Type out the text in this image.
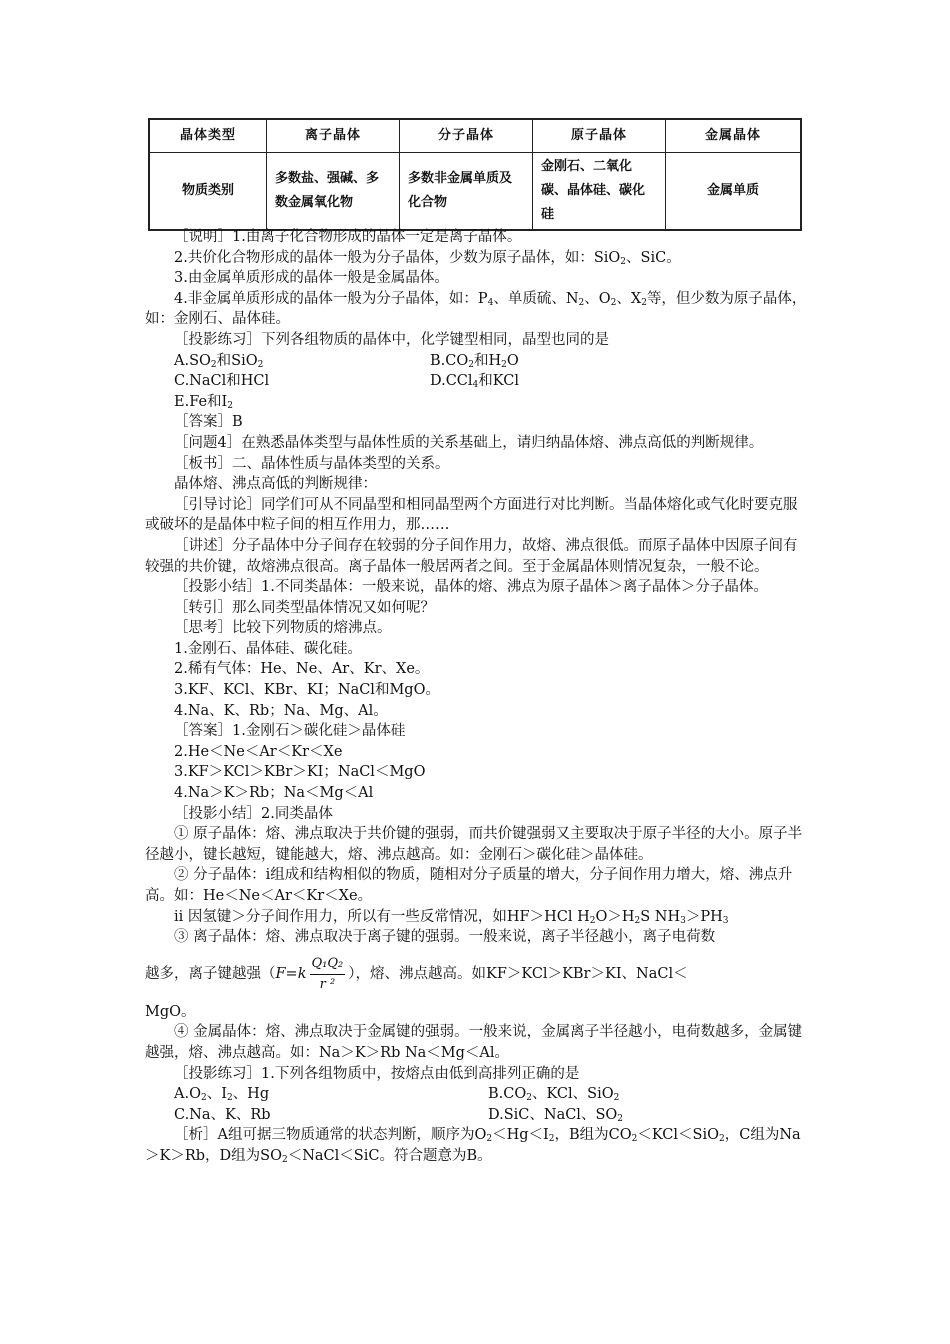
晶体类型	离子晶体	分子晶体	原子晶体	金属晶体
物质类别	多数盐、强碱、多数金属氧化物	多数非金属单质及化合物	金刚石、二氧化碳、晶体硅、碳化硅	金属单质

［说明］1.由离子化合物形成的晶体一定是离子晶体。

2.共价化合物形成的晶体一般为分子晶体，少数为原子晶体，如：SiO$_2$、SiC。

3.由金属单质形成的晶体一般是金属晶体。

4.非金属单质形成的晶体一般为分子晶体，如：$P_4$、单质硫、$N_2$、$O_2$、$X_2$等，但少数为原子晶体，如：金刚石、晶体硅。

［投影练习］下列各组物质的晶体中，化学键型相同，晶型也同的是

$A.SO_2$和SiO$_2$	$B.CO_2$和$H_2O$
C.NaCl和HCl	D.CCl$_4$和KCl

E.Fe和$I_2$

［答案］B

［问题4］在熟悉晶体类型与晶体性质的关系基础上，请归纳晶体熔、沸点高低的判断规律。

［板书］二、晶体性质与晶体类型的关系。

晶体熔、沸点高低的判断规律：

［引导讨论］同学们可从不同晶型和相同晶型两个方面进行对比判断。当晶体熔化或气化时要克服或破坏的是晶体中粒子间的相互作用力，那……

［讲述］分子晶体中分子间存在较弱的分子间作用力，故熔、沸点很低。而原子晶体中因原子间有较强的共价键，故熔沸点很高。离子晶体一般居两者之间。至于金属晶体则情况复杂，一般不论。

［投影小结］1.不同类晶体：一般来说，晶体的熔、沸点为原子晶体＞离子晶体＞分子晶体。

［转引］那么同类型晶体情况又如何呢？

［思考］比较下列物质的熔沸点。

1.金刚石、晶体硅、碳化硅。

2.稀有气体：He、Ne、Ar、Kr、Xe。

3.KF、KCl、KBr、KI；NaCl和MgO。

4.Na、K、Rb；Na、Mg、Al。

［答案］1.金刚石＞碳化硅＞晶体硅

2.He＜Ne＜Ar＜Kr＜Xe

3.KF＞KCl＞KBr＞KI；NaCl＜MgO

4.Na＞K＞Rb；Na＜Mg＜Al

［投影小结］2.同类晶体

① 原子晶体：熔、沸点取决于共价键的强弱，而共价键强弱又主要取决于原子半径的大小。原子半径越小，键长越短，键能越大，熔、沸点越高。如：金刚石＞碳化硅＞晶体硅。

② 分子晶体：ⅰ组成和结构相似的物质，随相对分子质量的增大，分子间作用力增大，熔、沸点升高。如：He＜Ne＜Ar＜Kr＜Xe。

ⅱ 因氢键＞分子间作用力，所以有一些反常情况，如HF＞HCl $H_2O>H_2S$ $NH_3>PH_3$

③ 离子晶体：熔、沸点取决于离子键的强弱。一般来说，离子半径越小，离子电荷数

越多，离子键越强（ $F=k \frac{\text{Q₁Q₂}}{\text{r ²}}$ ），熔、沸点越高。如KF＞KCl＞KBr＞KI、NaCl＜

MgO。

④ 金属晶体：熔、沸点取决于金属键的强弱。一般来说，金属离子半径越小，电荷数越多，金属键越强，熔、沸点越高。如：Na＞K＞Rb Na＜Mg＜Al。

［投影练习］1.下列各组物质中，按熔点由低到高排列正确的是

$A.O_2$、$I_2$、Hg	$B.CO_2$、KCl、SiO$_2$
C.Na、K、Rb	D.SiC、NaCl、$SO_2$

［析］A组可据三物质通常的状态判断，顺序为$O_2<Hg<I_2$，B组为$CO_2<KCl<SiO_2$，C组为Na＞K＞Rb，D组为$SO_2<NaCl<SiC$。符合题意为B。
